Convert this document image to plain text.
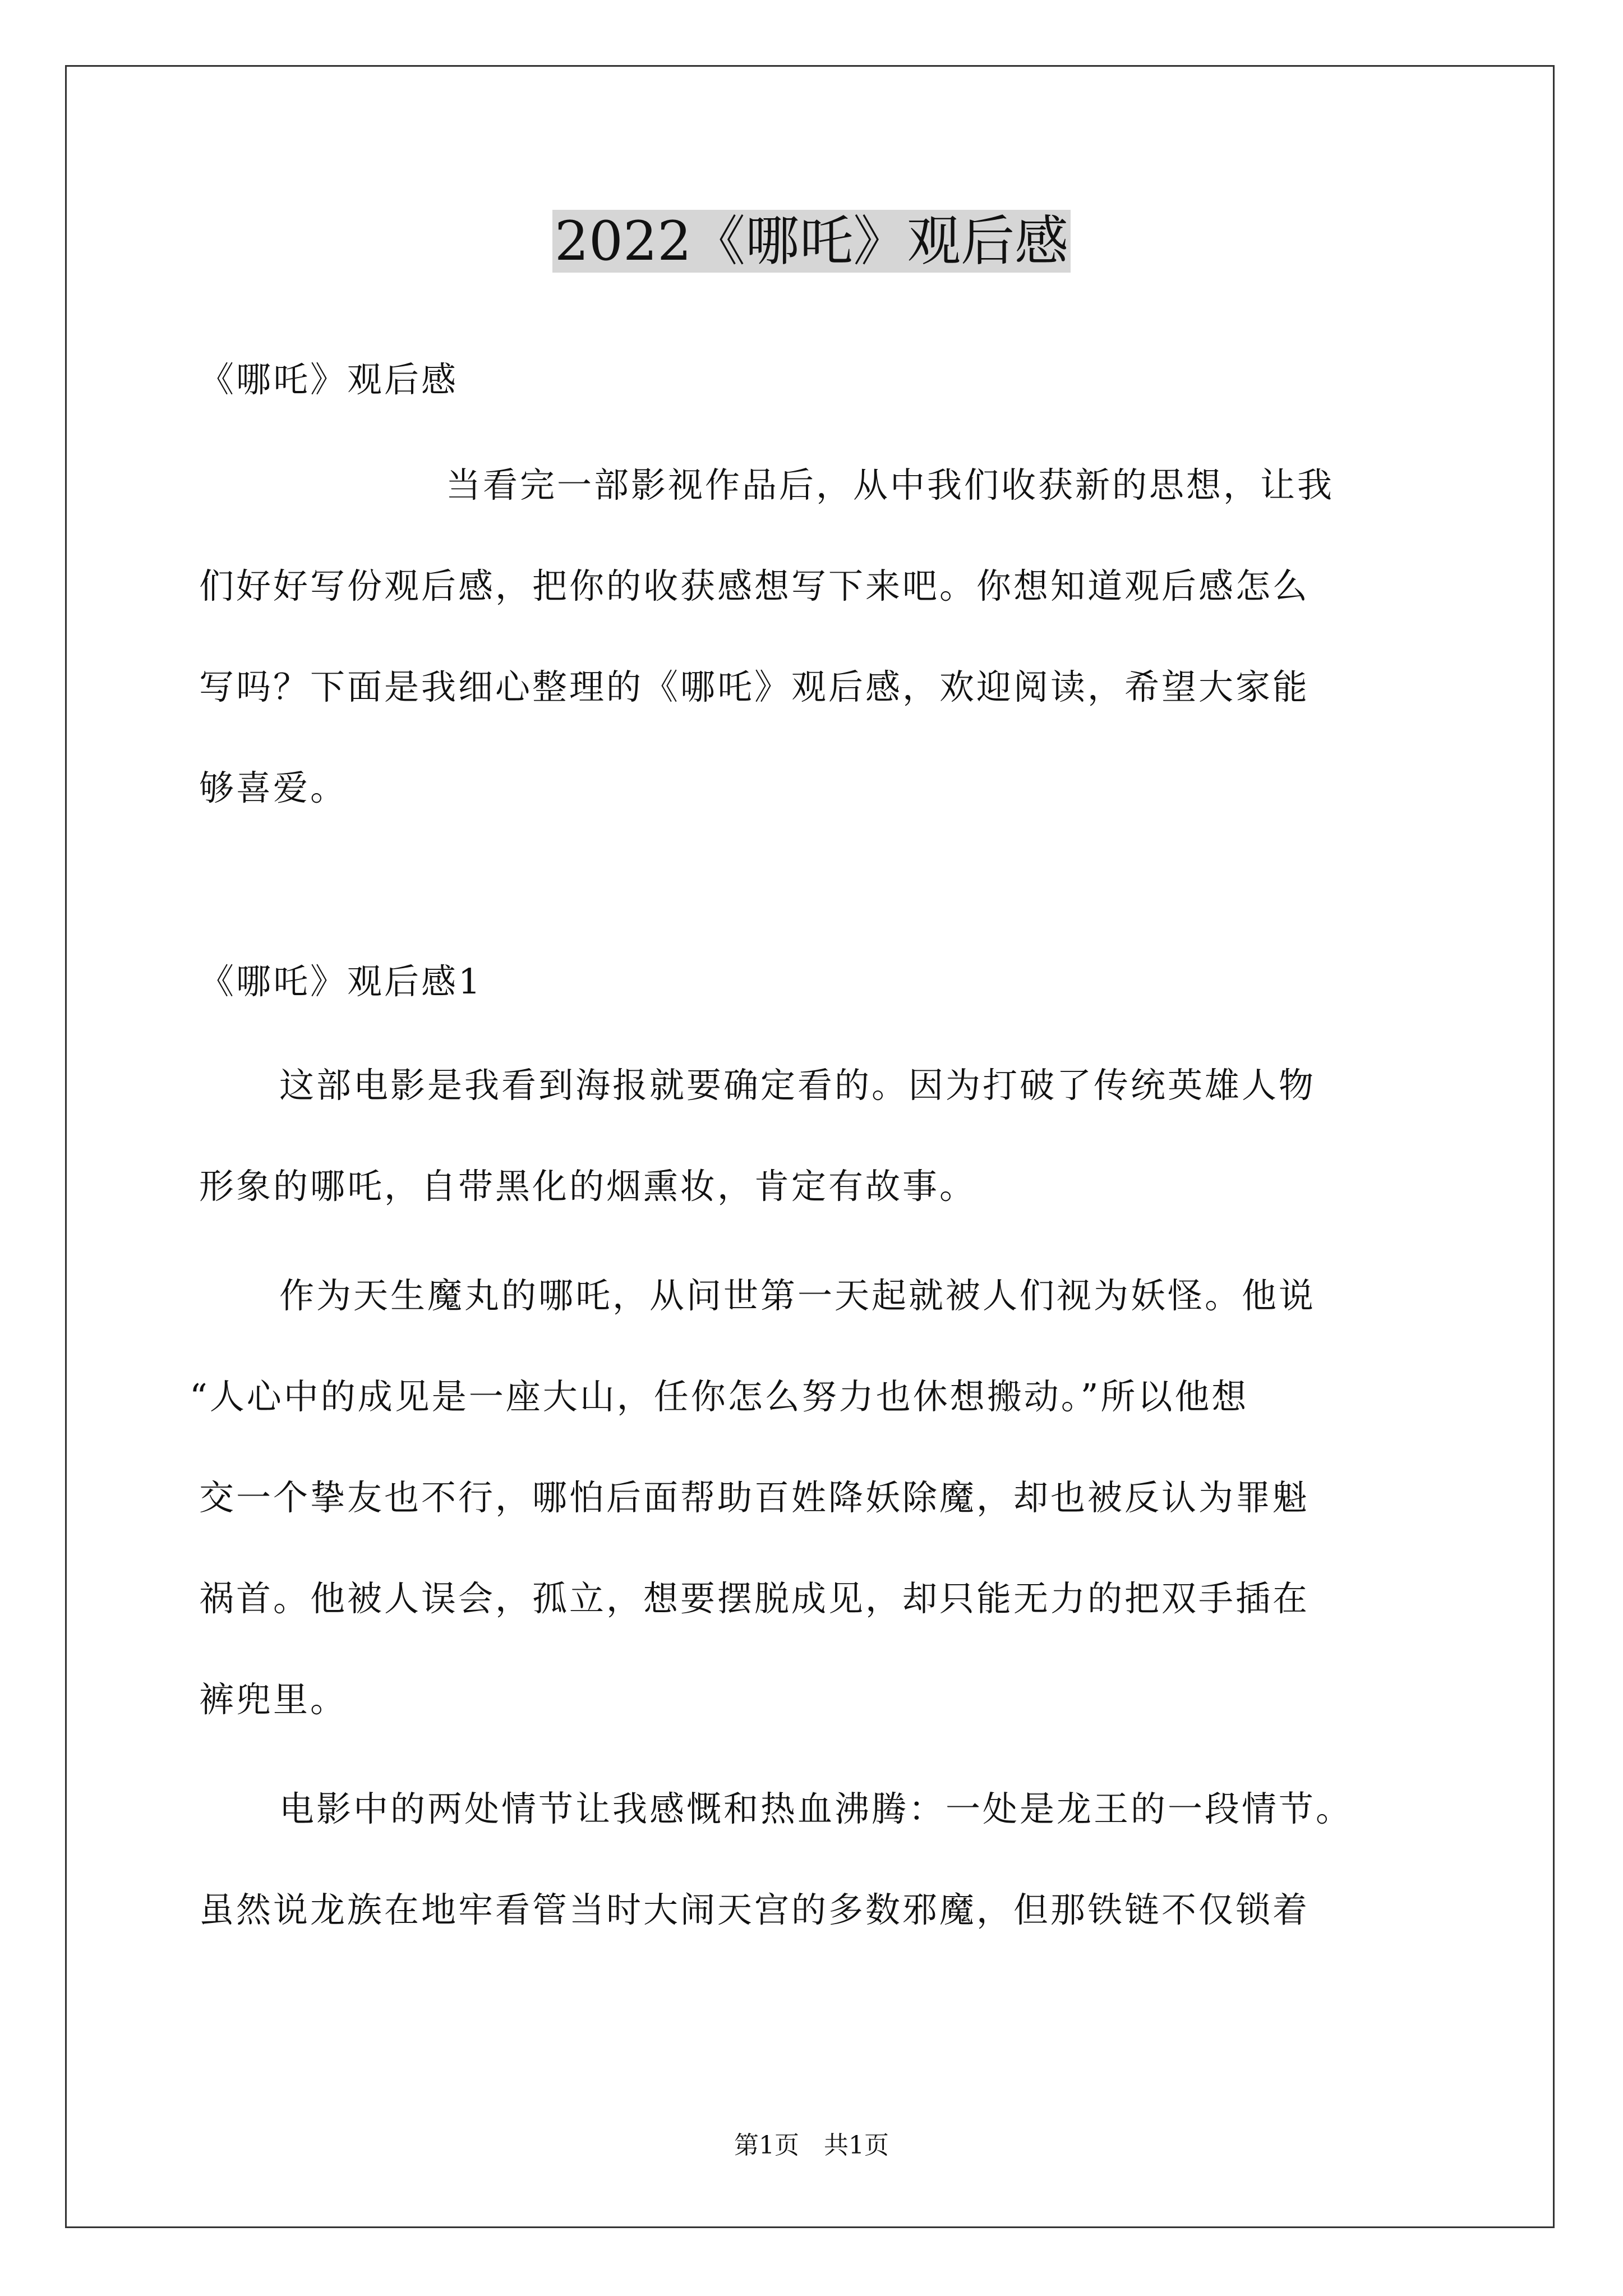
2022《哪吒》观后感
《哪吒》观后感
当看完一部影视作品后，从中我们收获新的思想，让我
们好好写份观后感，把你的收获感想写下来吧。你想知道观后感怎么
写吗？下面是我细心整理的《哪吒》观后感，欢迎阅读，希望大家能
够喜爱。
《哪吒》观后感1
这部电影是我看到海报就要确定看的。因为打破了传统英雄人物
形象的哪吒，自带黑化的烟熏妆，肯定有故事。
作为天生魔丸的哪吒，从问世第一天起就被人们视为妖怪。他说
“人心中的成见是一座大山，任你怎么努力也休想搬动。”所以他想
交一个挚友也不行，哪怕后面帮助百姓降妖除魔，却也被反认为罪魁
祸首。他被人误会，孤立，想要摆脱成见，却只能无力的把双手插在
裤兜里。
电影中的两处情节让我感慨和热血沸腾：一处是龙王的一段情节。
虽然说龙族在地牢看管当时大闹天宫的多数邪魔，但那铁链不仅锁着
第1页　共1页
